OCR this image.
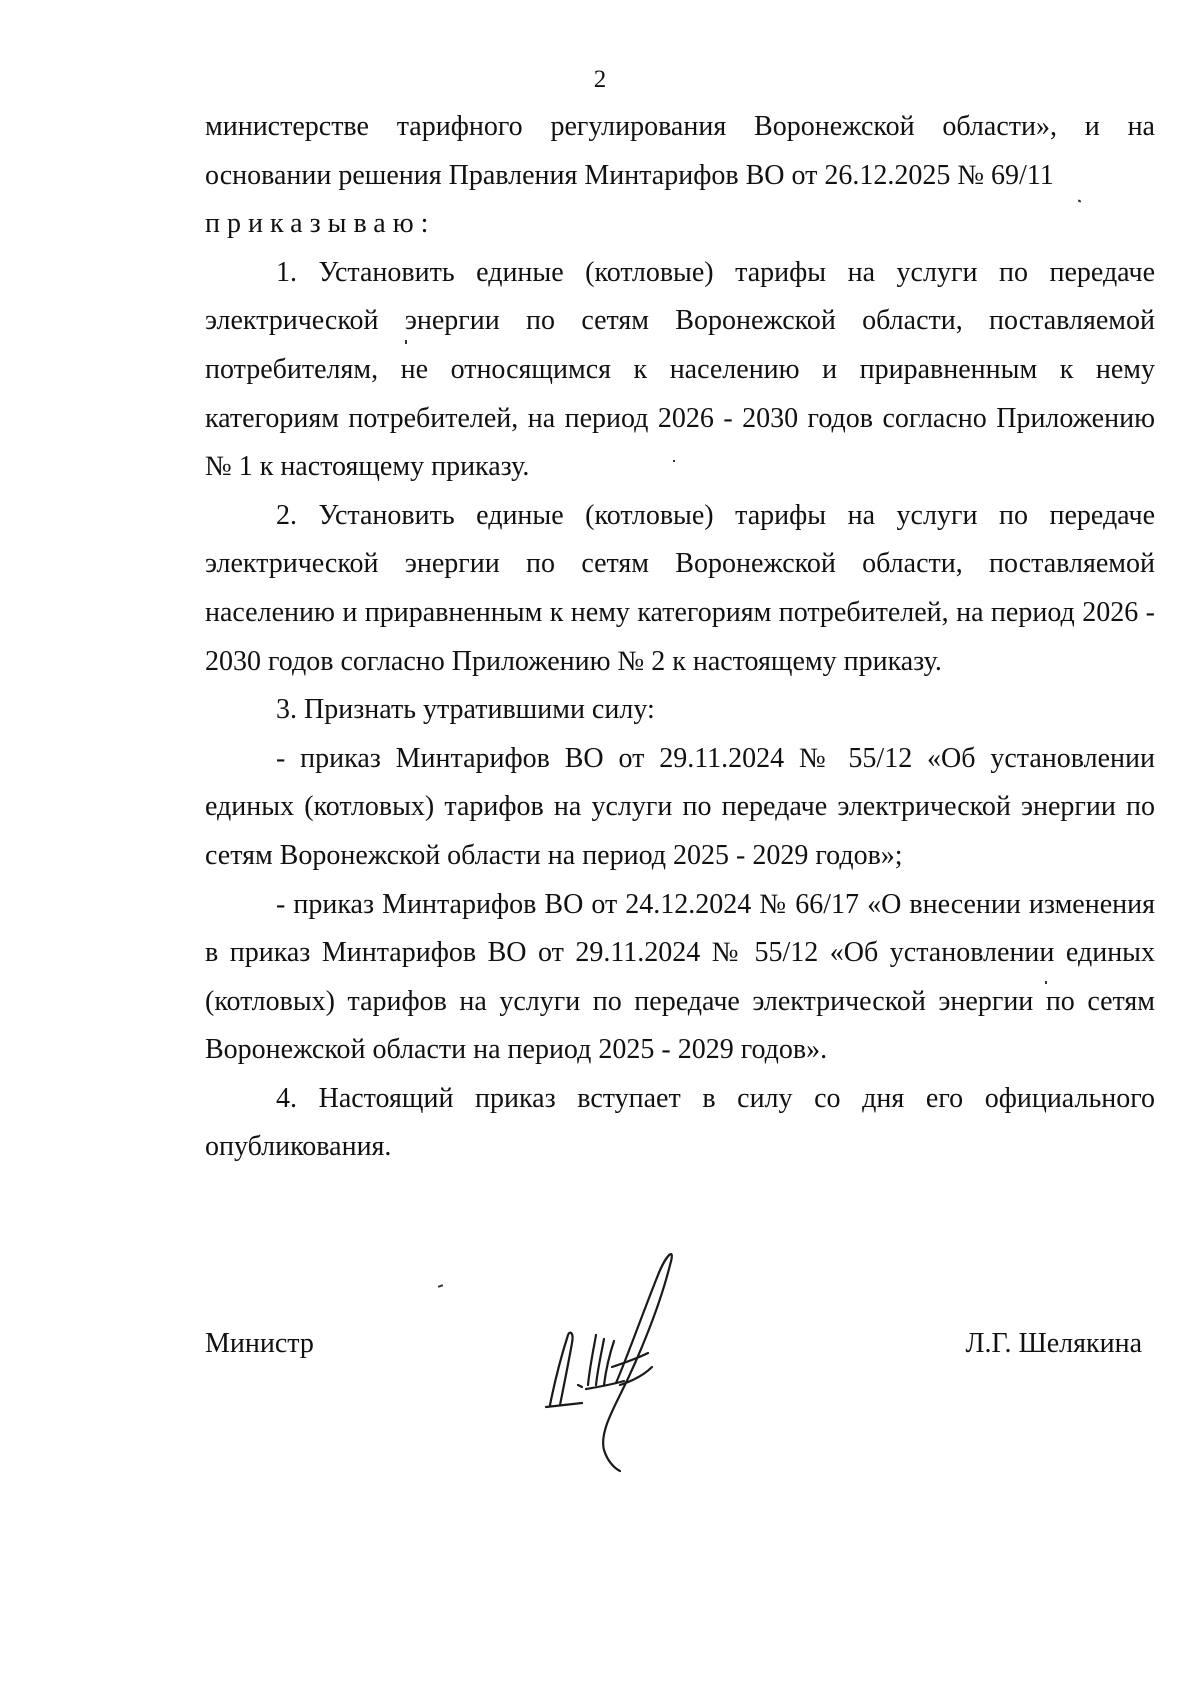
2

министерстве тарифного регулирования Воронежской области», и на основании решения Правления Минтарифов ВО от 26.12.2025 № 69/11

приказываю:

1. Установить единые (котловые) тарифы на услуги по передаче электрической энергии по сетям Воронежской области, поставляемой потребителям, не относящимся к населению и приравненным к нему категориям потребителей, на период 2026 - 2030 годов согласно Приложению № 1 к настоящему приказу.

2. Установить единые (котловые) тарифы на услуги по передаче электрической энергии по сетям Воронежской области, поставляемой населению и приравненным к нему категориям потребителей, на период 2026 - 2030 годов согласно Приложению № 2 к настоящему приказу.

3. Признать утратившими силу:

- приказ Минтарифов ВО от 29.11.2024 № 55/12 «Об установлении единых (котловых) тарифов на услуги по передаче электрической энергии по сетям Воронежской области на период 2025 - 2029 годов»;

- приказ Минтарифов ВО от 24.12.2024 № 66/17 «О внесении изменения в приказ Минтарифов ВО от 29.11.2024 № 55/12 «Об установлении единых (котловых) тарифов на услуги по передаче электрической энергии по сетям Воронежской области на период 2025 - 2029 годов».

4. Настоящий приказ вступает в силу со дня его официального опубликования.

Министр	Л.Г. Шелякина
